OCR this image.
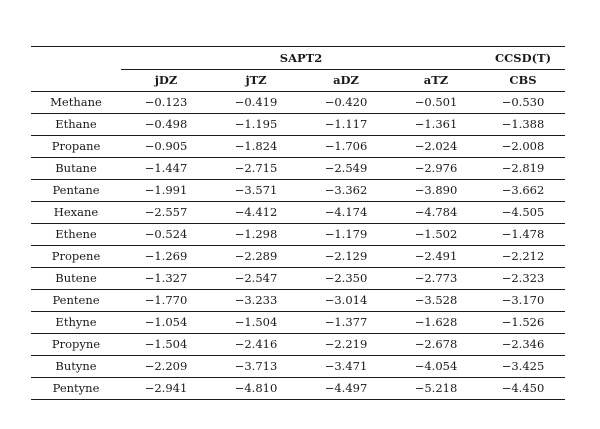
	SAPT2				CCSD(T)
	jDZ	jTZ	aDZ	aTZ	CBS
Methane	−0.123	−0.419	−0.420	−0.501	−0.530
Ethane	−0.498	−1.195	−1.117	−1.361	−1.388
Propane	−0.905	−1.824	−1.706	−2.024	−2.008
Butane	−1.447	−2.715	−2.549	−2.976	−2.819
Pentane	−1.991	−3.571	−3.362	−3.890	−3.662
Hexane	−2.557	−4.412	−4.174	−4.784	−4.505
Ethene	−0.524	−1.298	−1.179	−1.502	−1.478
Propene	−1.269	−2.289	−2.129	−2.491	−2.212
Butene	−1.327	−2.547	−2.350	−2.773	−2.323
Pentene	−1.770	−3.233	−3.014	−3.528	−3.170
Ethyne	−1.054	−1.504	−1.377	−1.628	−1.526
Propyne	−1.504	−2.416	−2.219	−2.678	−2.346
Butyne	−2.209	−3.713	−3.471	−4.054	−3.425
Pentyne	−2.941	−4.810	−4.497	−5.218	−4.450
